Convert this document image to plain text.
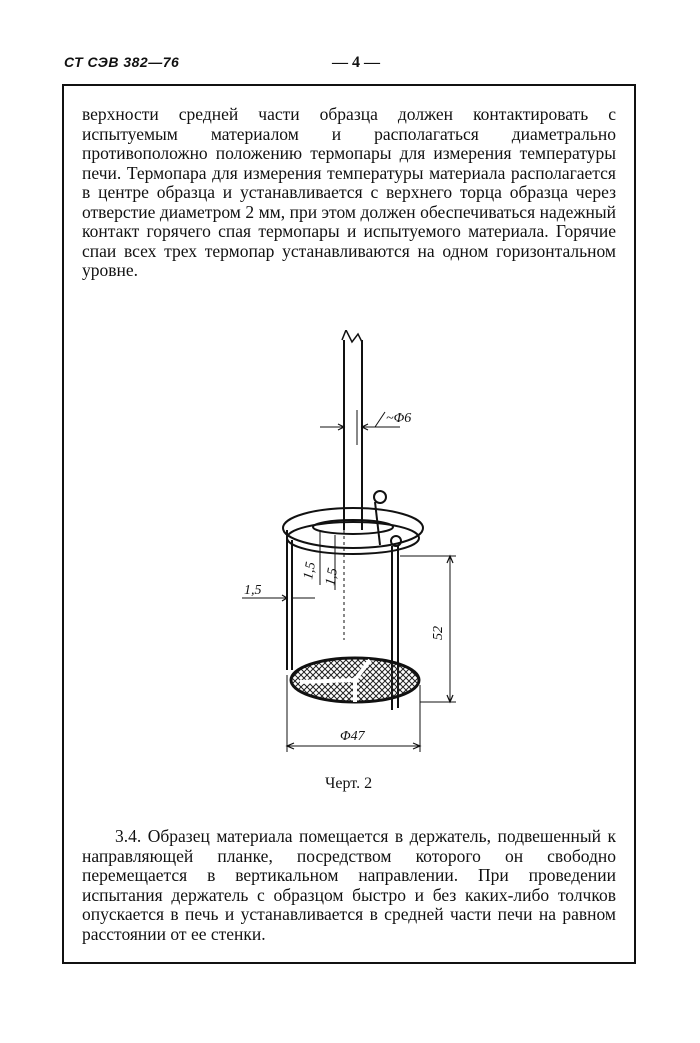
СТ СЭВ 382—76	— 4 —

верхности средней части образца должен контактировать с испытуемым материалом и располагаться диаметрально противоположно положению термопары для измерения температуры печи. Термопара для измерения температуры материала располагается в центре образца и устанавливается с верхнего торца образца через отверстие диаметром 2 мм, при этом должен обеспечиваться надежный контакт горячего спая термопары и испытуемого материала. Горячие спаи всех трех термопар устанавливаются на одном горизонтальном уровне.

~Φ6
1,5 1,5
1,5
52
Φ47
Черт. 2

3.4. Образец материала помещается в держатель, подвешенный к направляющей планке, посредством которого он свободно перемещается в вертикальном направлении. При проведении испытания держатель с образцом быстро и без каких-либо толчков опускается в печь и устанавливается в средней части печи на равном расстоянии от ее стенки.
